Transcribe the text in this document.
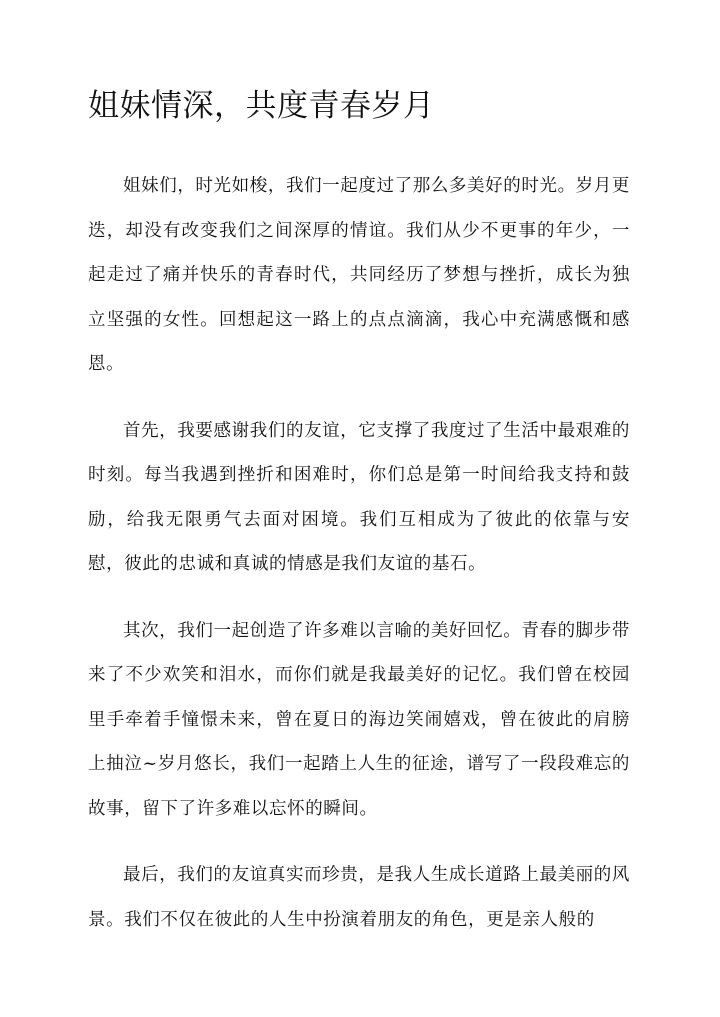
姐妹情深，共度青春岁月

姐妹们，时光如梭，我们一起度过了那么多美好的时光。岁月更迭，却没有改变我们之间深厚的情谊。我们从少不更事的年少，一起走过了痛并快乐的青春时代，共同经历了梦想与挫折，成长为独立坚强的女性。回想起这一路上的点点滴滴，我心中充满感慨和感恩。

首先，我要感谢我们的友谊，它支撑了我度过了生活中最艰难的时刻。每当我遇到挫折和困难时，你们总是第一时间给我支持和鼓励，给我无限勇气去面对困境。我们互相成为了彼此的依靠与安慰，彼此的忠诚和真诚的情感是我们友谊的基石。

其次，我们一起创造了许多难以言喻的美好回忆。青春的脚步带来了不少欢笑和泪水，而你们就是我最美好的记忆。我们曾在校园里手牵着手憧憬未来，曾在夏日的海边笑闹嬉戏，曾在彼此的肩膀上抽泣~岁月悠长，我们一起踏上人生的征途，谱写了一段段难忘的故事，留下了许多难以忘怀的瞬间。

最后，我们的友谊真实而珍贵，是我人生成长道路上最美丽的风景。我们不仅在彼此的人生中扮演着朋友的角色，更是亲人般的
